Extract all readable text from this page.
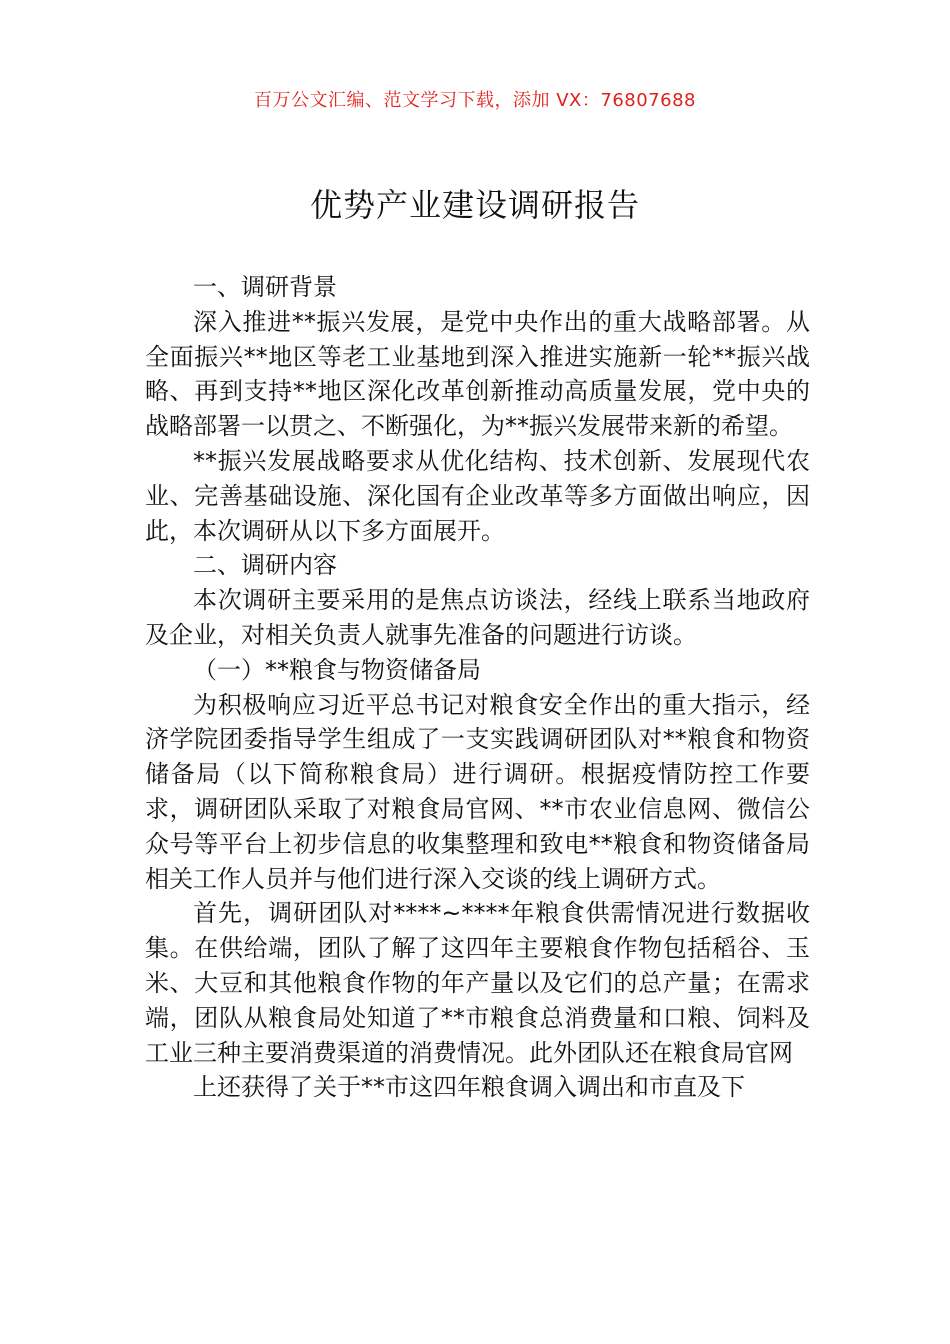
百万公文汇编、范文学习下载，添加 VX：76807688
优势产业建设调研报告

一、调研背景

深入推进**振兴发展，是党中央作出的重大战略部署。从全面振兴**地区等老工业基地到深入推进实施新一轮**振兴战略、再到支持**地区深化改革创新推动高质量发展，党中央的战略部署一以贯之、不断强化，为**振兴发展带来新的希望。

**振兴发展战略要求从优化结构、技术创新、发展现代农业、完善基础设施、深化国有企业改革等多方面做出响应，因此，本次调研从以下多方面展开。

二、调研内容

本次调研主要采用的是焦点访谈法，经线上联系当地政府及企业，对相关负责人就事先准备的问题进行访谈。

（一）**粮食与物资储备局

为积极响应习近平总书记对粮食安全作出的重大指示，经济学院团委指导学生组成了一支实践调研团队对**粮食和物资储备局（以下简称粮食局）进行调研。根据疫情防控工作要求，调研团队采取了对粮食局官网、**市农业信息网、微信公众号等平台上初步信息的收集整理和致电**粮食和物资储备局相关工作人员并与他们进行深入交谈的线上调研方式。

首先，调研团队对****~****年粮食供需情况进行数据收集。在供给端，团队了解了这四年主要粮食作物包括稻谷、玉米、大豆和其他粮食作物的年产量以及它们的总产量；在需求端，团队从粮食局处知道了**市粮食总消费量和口粮、饲料及工业三种主要消费渠道的消费情况。此外团队还在粮食局官网

上还获得了关于**市这四年粮食调入调出和市直及下
